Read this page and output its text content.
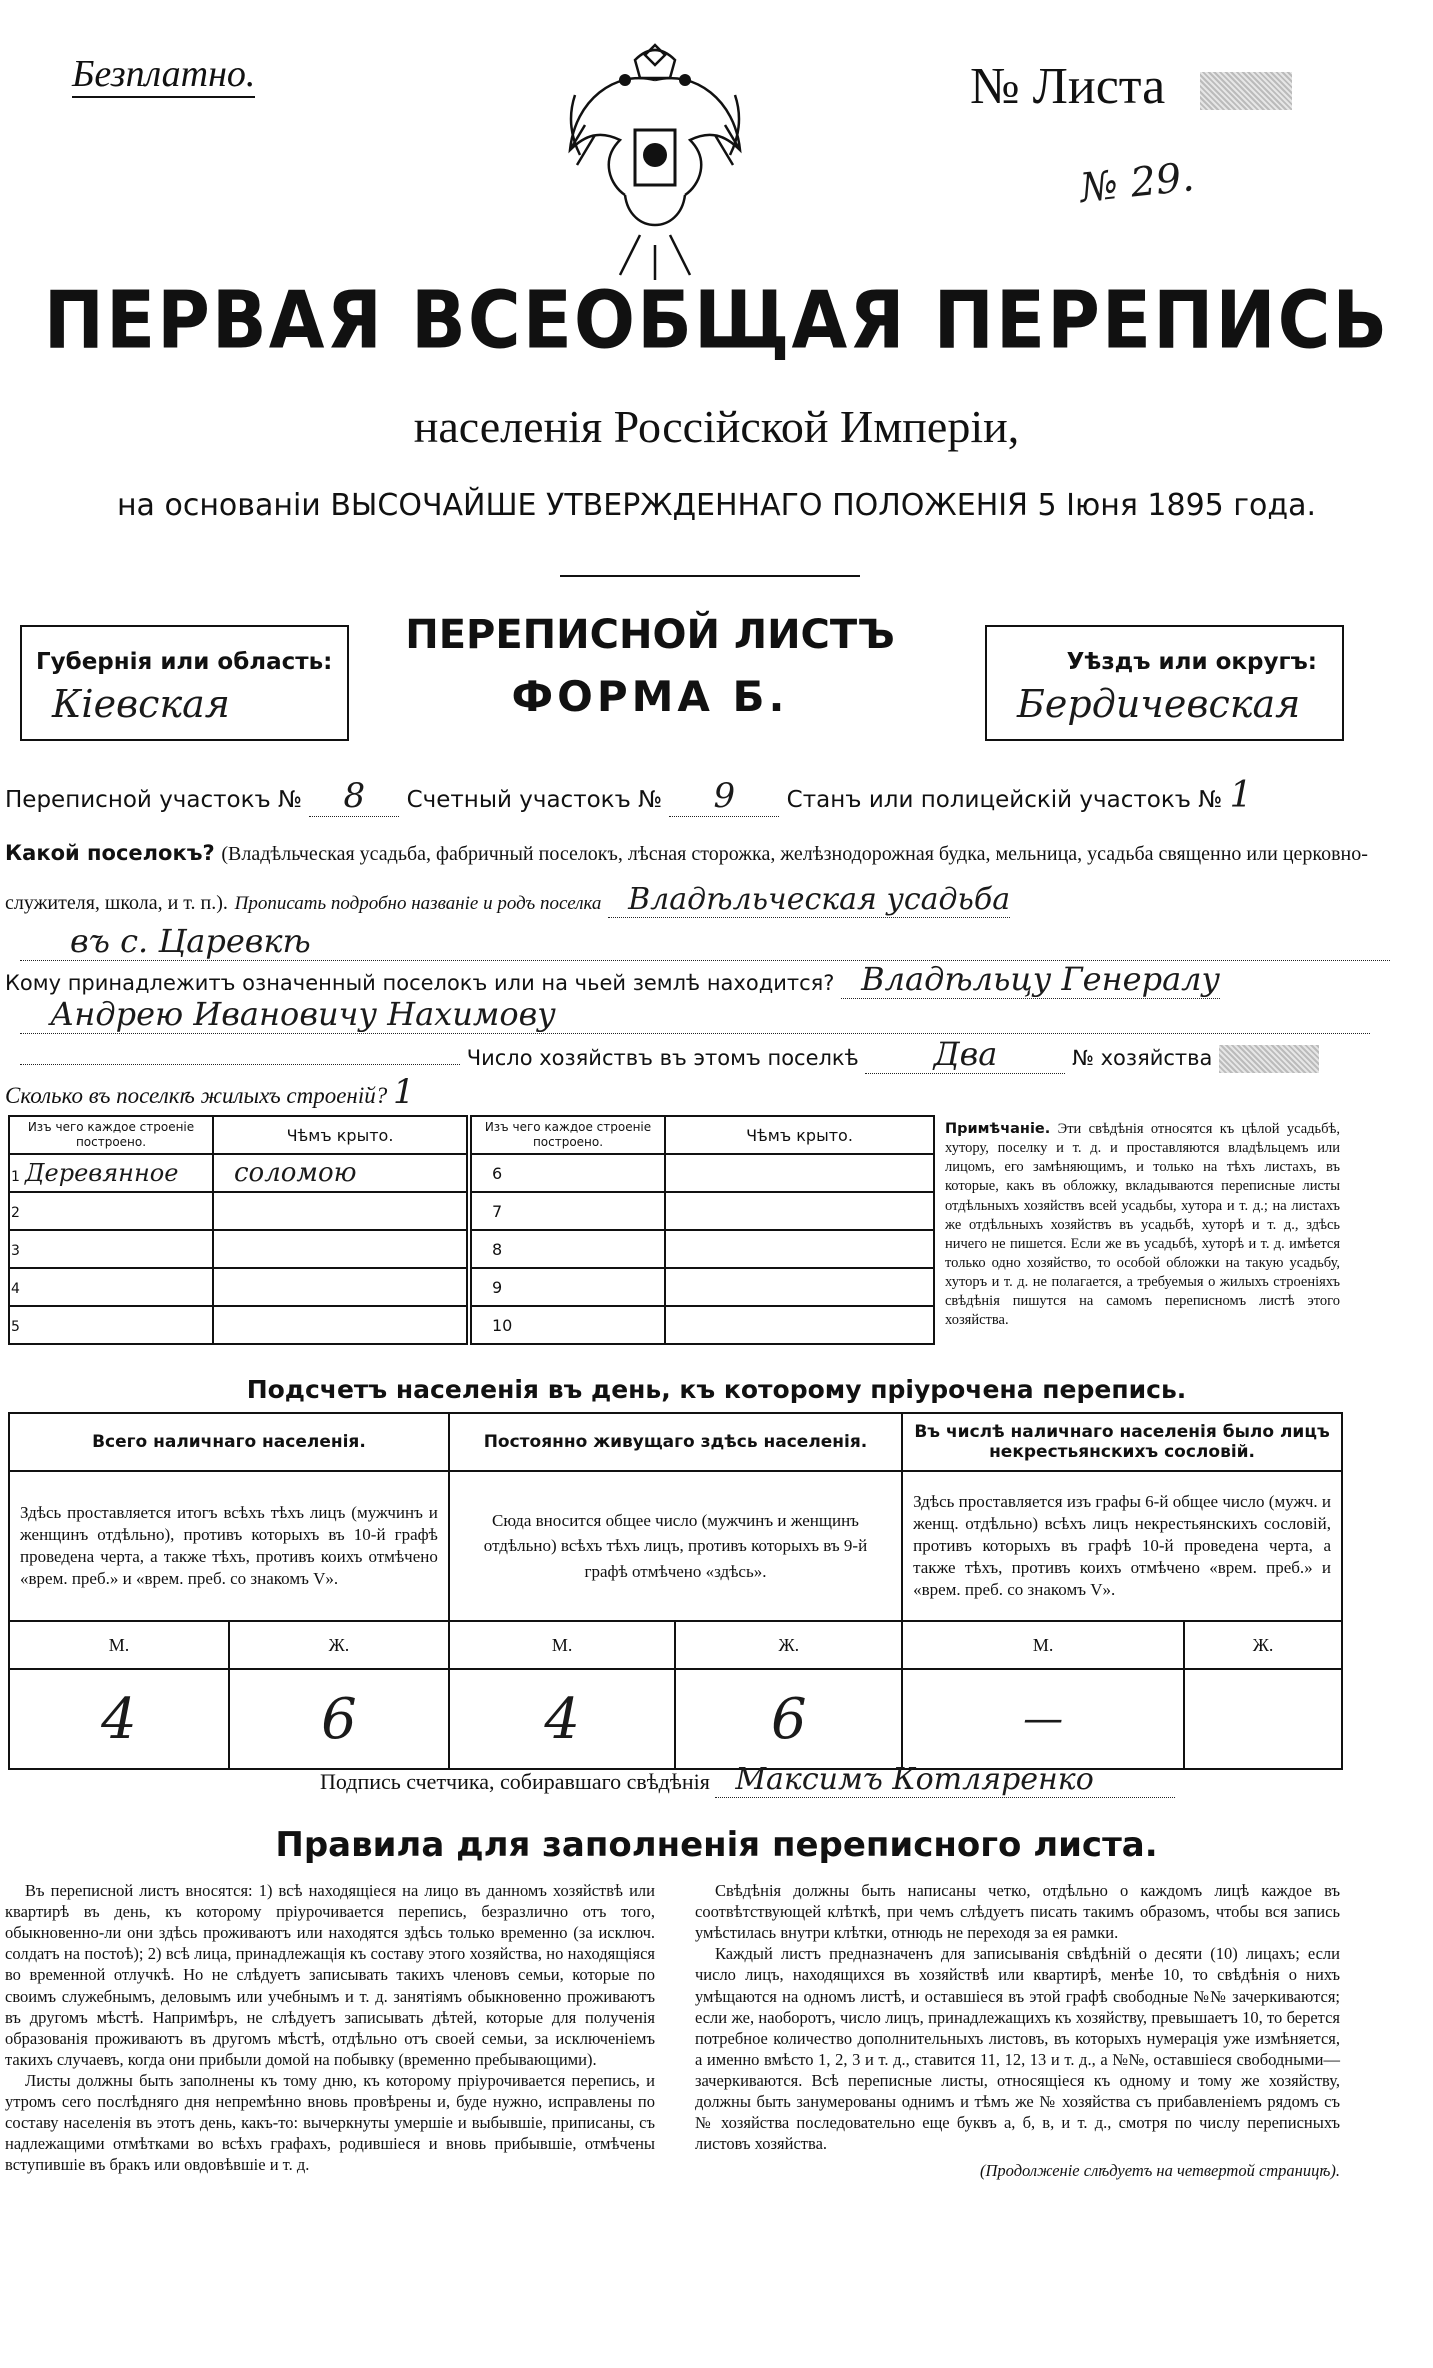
Безплатно.	№ Листа
№ 29.
ПЕРВАЯ ВСЕОБЩАЯ ПЕРЕПИСЬ
населенія Россійской Имперіи,
на основаніи ВЫСОЧАЙШЕ УТВЕРЖДЕННАГО ПОЛОЖЕНІЯ 5 Іюня 1895 года.
Губернія или область:
Кіевская
ПЕРЕПИСНОЙ ЛИСТЪ
ФОРМА Б.
Уѣздъ или округъ:
Бердичевская
Переписной участокъ № 8 Счетный участокъ № 9 Станъ или полицейскій участокъ № 1
Какой поселокъ? (Владѣльческая усадьба, фабричный поселокъ, лѣсная сторожка, желѣзнодорожная будка, мельница, усадьба священно или церковно-служителя, школа, и т. п.). Прописать подробно названіе и родъ поселка Владѣльческая усадьба
въ с. Царевкѣ
Кому принадлежитъ означенный поселокъ или на чьей землѣ находится? Владѣльцу Генералу
Андрею Ивановичу Нахимову
Число хозяйствъ въ этомъ поселкѣ Два	№ хозяйства
Сколько въ поселкѣ жилыхъ строеній? 1
Изъ чего каждое строеніе построено.	Чѣмъ крыто.
1 Деревянное	соломою
2	
3	
4	
5	
Изъ чего каждое строеніе построено.	Чѣмъ крыто.
6	
7	
8	
9	
10	
Примѣчаніе. Эти свѣдѣнія относятся къ цѣлой усадьбѣ, хутору, поселку и т. д. и проставляются владѣльцемъ или лицомъ, его замѣняющимъ, и только на тѣхъ листахъ, въ которые, какъ въ обложку, вкладываются переписные листы отдѣльныхъ хозяйствъ всей усадьбы, хутора и т. д.; на листахъ же отдѣльныхъ хозяйствъ въ усадьбѣ, хуторѣ и т. д., здѣсь ничего не пишется. Если же въ усадьбѣ, хуторѣ и т. д. имѣется только одно хозяйство, то особой обложки на такую усадьбу, хуторъ и т. д. не полагается, а требуемыя о жилыхъ строеніяхъ свѣдѣнія пишутся на самомъ переписномъ листѣ этого хозяйства.
Подсчетъ населенія въ день, къ которому пріурочена перепись.
Всего наличнаго населенія.		Постоянно живущаго здѣсь населенія.		Въ числѣ наличнаго населенія было лицъ некрестьянскихъ сословій.	
Здѣсь проставляется итогъ всѣхъ тѣхъ лицъ (мужчинъ и женщинъ отдѣльно), противъ которыхъ въ 10-й графѣ проведена черта, а также тѣхъ, противъ коихъ отмѣчено «врем. преб.» и «врем. преб. со знакомъ V».		Сюда вносится общее число (мужчинъ и женщинъ отдѣльно) всѣхъ тѣхъ лицъ, противъ которыхъ въ 9-й графѣ отмѣчено «здѣсь».		Здѣсь проставляется изъ графы 6-й общее число (мужч. и женщ. отдѣльно) всѣхъ лицъ некрестьянскихъ сословій, противъ которыхъ въ графѣ 10-й проведена черта, а также тѣхъ, противъ коихъ отмѣчено «врем. преб.» и «врем. преб. со знакомъ V».	
М.	Ж.	М.	Ж.	М.	Ж.
4	6	4	6	—	
Подпись счетчика, собиравшаго свѣдѣнія Максимъ Котляренко
Правила для заполненія переписного листа.
Въ переписной листъ вносятся: 1) всѣ находящіеся на лицо въ данномъ хозяйствѣ или квартирѣ въ день, къ которому пріурочивается перепись, безразлично отъ того, обыкновенно-ли они здѣсь проживаютъ или находятся здѣсь только временно (за исключ. солдатъ на постоѣ); 2) всѣ лица, принадлежащія къ составу этого хозяйства, но находящіяся во временной отлучкѣ. Но не слѣдуетъ записывать такихъ членовъ семьи, которые по своимъ служебнымъ, деловымъ или учебнымъ и т. д. занятіямъ обыкновенно проживаютъ въ другомъ мѣстѣ. Напримѣръ, не слѣдуетъ записывать дѣтей, которые для полученія образованія проживаютъ въ другомъ мѣстѣ, отдѣльно отъ своей семьи, за исключеніемъ такихъ случаевъ, когда они прибыли домой на побывку (временно пребывающими).
Листы должны быть заполнены къ тому дню, къ которому пріурочивается перепись, и утромъ сего послѣдняго дня непремѣнно вновь провѣрены и, буде нужно, исправлены по составу населенія въ этотъ день, какъ-то: вычеркнуты умершіе и выбывшіе, приписаны, съ надлежащими отмѣтками во всѣхъ графахъ, родившіеся и вновь прибывшіе, отмѣчены вступившіе въ бракъ или овдовѣвшіе и т. д.
Свѣдѣнія должны быть написаны четко, отдѣльно о каждомъ лицѣ каждое въ соотвѣтствующей клѣткѣ, при чемъ слѣдуетъ писать такимъ образомъ, чтобы вся запись умѣстилась внутри клѣтки, отнюдь не переходя за ея рамки.
Каждый листъ предназначенъ для записыванія свѣдѣній о десяти (10) лицахъ; если число лицъ, находящихся въ хозяйствѣ или квартирѣ, менѣе 10, то свѣдѣнія о нихъ умѣщаются на одномъ листѣ, и оставшіеся въ этой графѣ свободные №№ зачеркиваются; если же, наоборотъ, число лицъ, принадлежащихъ къ хозяйству, превышаетъ 10, то берется потребное количество дополнительныхъ листовъ, въ которыхъ нумерація уже измѣняется, а именно вмѣсто 1, 2, 3 и т. д., ставится 11, 12, 13 и т. д., а №№, оставшіеся свободными—зачеркиваются. Всѣ переписные листы, относящіеся къ одному и тому же хозяйству, должны быть занумерованы однимъ и тѣмъ же № хозяйства съ прибавленіемъ рядомъ съ № хозяйства последовательно еще буквъ а, б, в, и т. д., смотря по числу переписныхъ листовъ хозяйства.
(Продолженіе слѣдуетъ на четвертой страницѣ).
